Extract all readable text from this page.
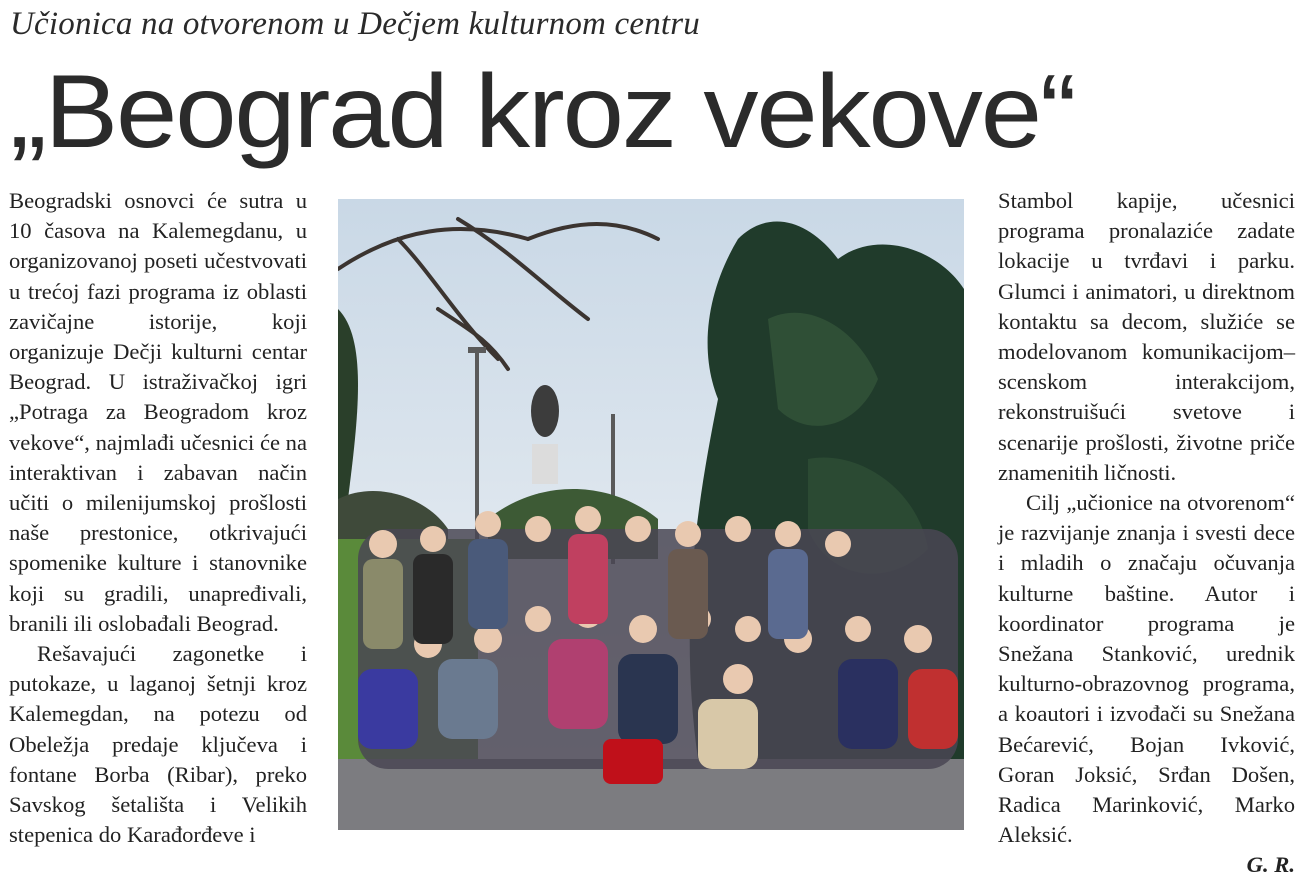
Učionica na otvorenom u Dečjem kulturnom centru
„Beograd kroz vekove“

Beogradski osnovci će sutra u 10 časova na Kalemegdanu, u organizovanoj poseti učestvovati u trećoj fazi programa iz oblasti zavičajne istorije, koji organizuje Dečji kulturni centar Beograd. U istraživačkoj igri „Potraga za Beogradom kroz vekove“, najmlađi učesnici će na interaktivan i zabavan način učiti o milenijumskoj prošlosti naše prestonice, otkrivajući spomenike kulture i stanovnike koji su gradili, unapređivali, branili ili oslobađali Beograd.

Rešavajući zagonetke i putokaze, u laganoj šetnji kroz Kalemegdan, na potezu od Obeležja predaje ključeva i fontane Borba (Ribar), preko Savskog šetališta i Velikih stepenica do Karađorđeve i

Stambol kapije, učesnici programa pronalaziće zadate lokacije u tvrđavi i parku. Glumci i animatori, u direktnom kontaktu sa decom, služiće se modelovanom komunikacijom– scenskom interakcijom, rekonstruišući svetove i scenarije prošlosti, životne priče znamenitih ličnosti.

Cilj „učionice na otvorenom“ je razvijanje znanja i svesti dece i mladih o značaju očuvanja kulturne baštine. Autor i koordinator programa je Snežana Stanković, urednik kulturno-obrazovnog programa, a koautori i izvođači su Snežana Bećarević, Bojan Ivković, Goran Joksić, Srđan Došen, Radica Marinković, Marko Aleksić.

G. R.
